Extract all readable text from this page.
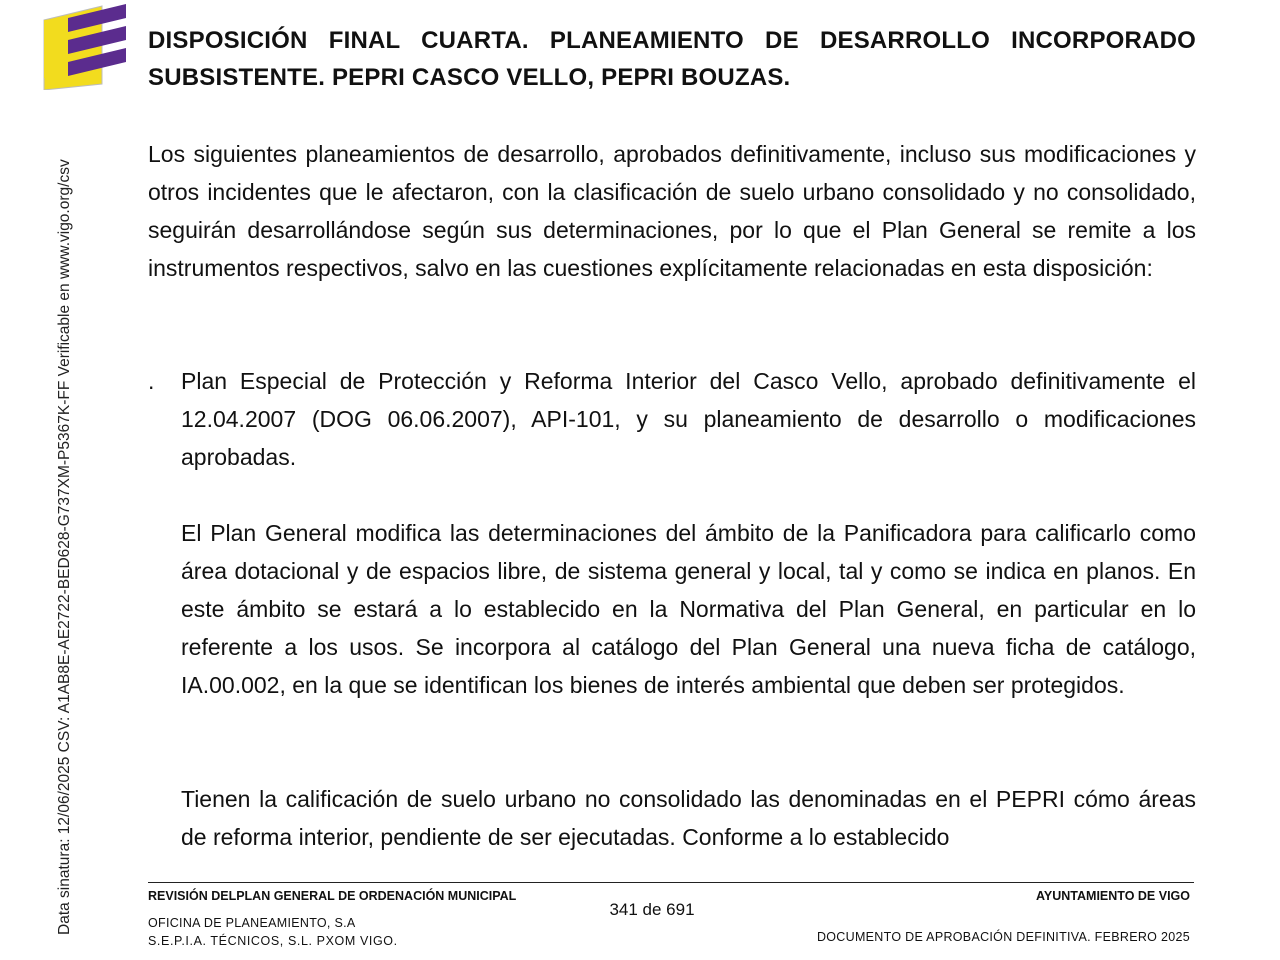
Data sinatura: 12/06/2025 CSV: A1AB8E-AE2722-BED628-G737XM-P5367K-FF Verificable en www.vigo.org/csv
DISPOSICIÓN FINAL CUARTA. PLANEAMIENTO DE DESARROLLO INCORPORADO SUBSISTENTE. PEPRI CASCO VELLO, PEPRI BOUZAS.
Los siguientes planeamientos de desarrollo, aprobados definitivamente, incluso sus modificaciones y otros incidentes que le afectaron, con la clasificación de suelo urbano consolidado y no consolidado, seguirán desarrollándose según sus determinaciones, por lo que el Plan General se remite a los instrumentos respectivos, salvo en las cuestiones explícitamente relacionadas en esta disposición:
. Plan Especial de Protección y Reforma Interior del Casco Vello, aprobado definitivamente el 12.04.2007 (DOG 06.06.2007), API-101, y su planeamiento de desarrollo o modificaciones aprobadas.
El Plan General modifica las determinaciones del ámbito de la Panificadora para calificarlo como área dotacional y de espacios libre, de sistema general y local, tal y como se indica en planos. En este ámbito se estará a lo establecido en la Normativa del Plan General, en particular en lo referente a los usos. Se incorpora al catálogo del Plan General una nueva ficha de catálogo, IA.00.002, en la que se identifican los bienes de interés ambiental que deben ser protegidos.
Tienen la calificación de suelo urbano no consolidado las denominadas en el PEPRI cómo áreas de reforma interior, pendiente de ser ejecutadas. Conforme a lo establecido
REVISIÓN DELPLAN GENERAL DE ORDENACIÓN MUNICIPAL
OFICINA DE PLANEAMIENTO, S.A
S.E.P.I.A. TÉCNICOS, S.L. PXOM VIGO.
341 de 691
AYUNTAMIENTO DE VIGO
DOCUMENTO DE APROBACIÓN DEFINITIVA. FEBRERO 2025
